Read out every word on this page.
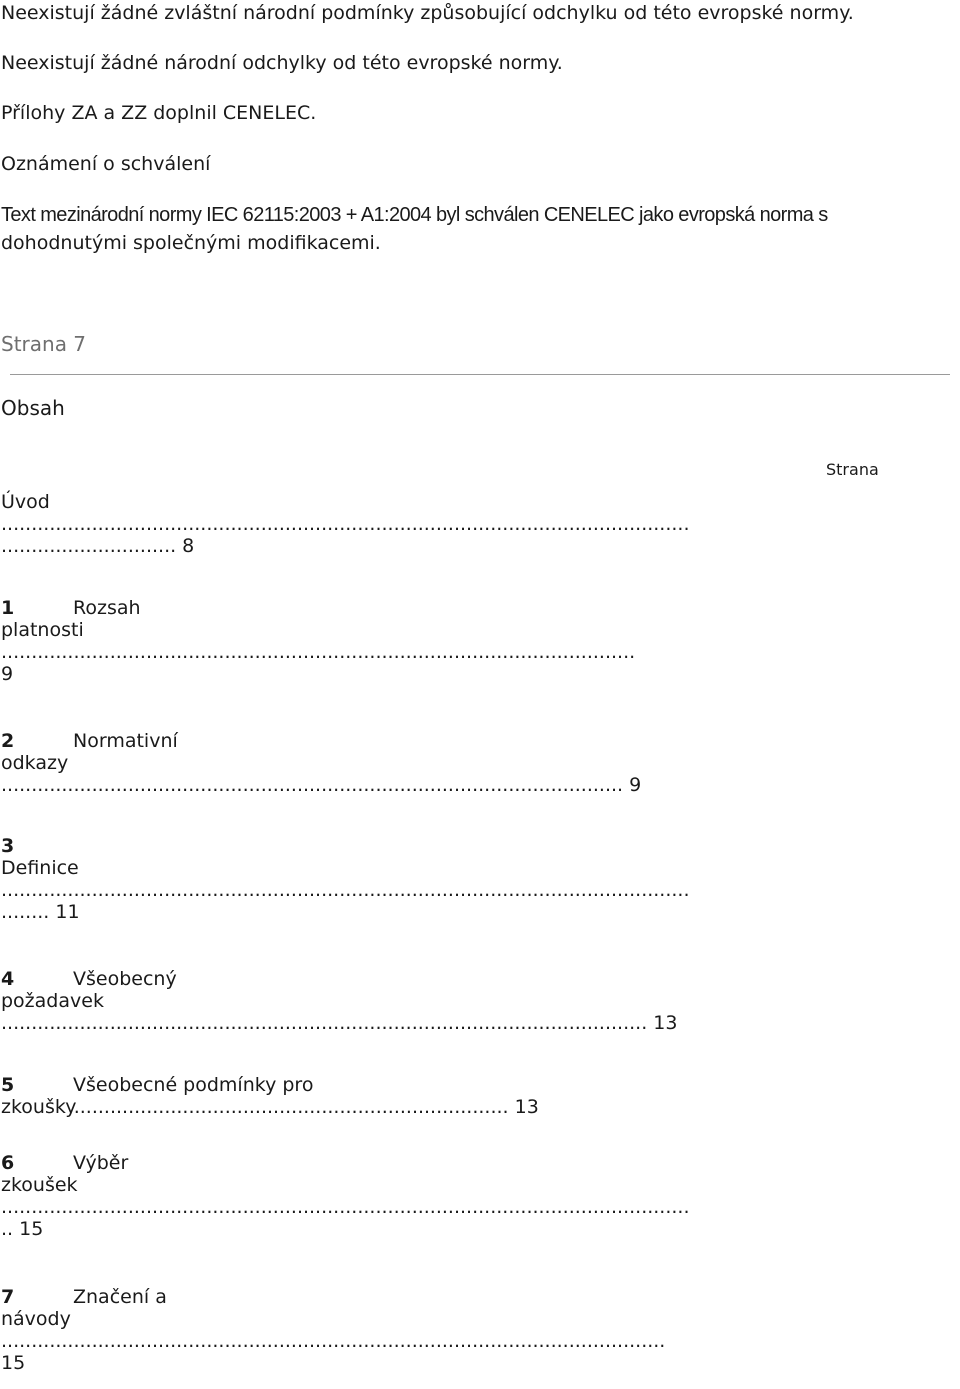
Neexistují žádné zvláštní národní podmínky způsobující odchylku od této evropské normy.

Neexistují žádné národní odchylky od této evropské normy.

Přílohy ZA a ZZ doplnil CENELEC.

Oznámení o schválení

Text mezinárodní normy IEC 62115:2003 + A1:2004 byl schválen CENELEC jako evropská norma s

dohodnutými společnými modifikacemi.

Strana 7

Obsah

Strana

Úvod
..................................................................................................................
............................. 8
1	Rozsah
platnosti
.........................................................................................................
9
2	Normativní
odkazy
....................................................................................................... 9
3
Definice
..................................................................................................................
........ 11
4	Všeobecný
požadavek
........................................................................................................... 13
5	Všeobecné podmínky pro
zkoušky........................................................................ 13
6	Výběr
zkoušek
..................................................................................................................
.. 15
7	Značení a
návody
..............................................................................................................
15
